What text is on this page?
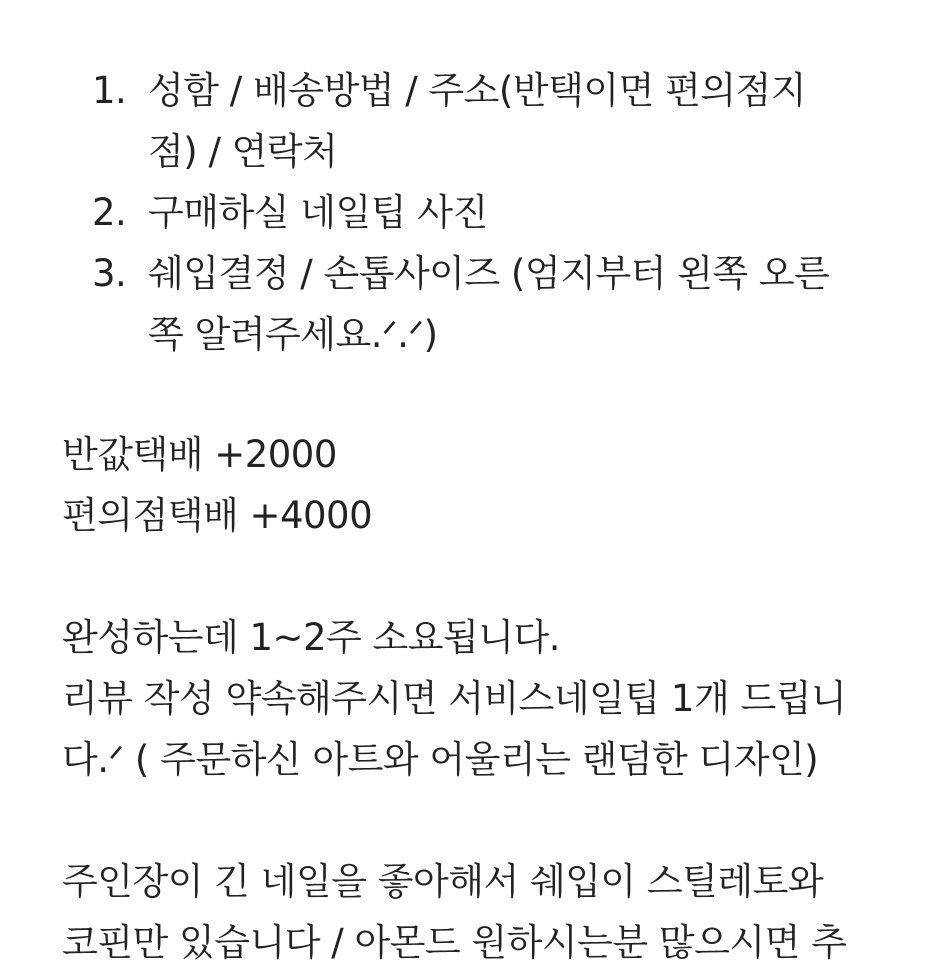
1. 성함 / 배송방법 / 주소(반택이면 편의점지
점) / 연락처
2. 구매하실 네일팁 사진
3. 쉐입결정 / 손톱사이즈 (엄지부터 왼쪽 오른
쪽 알려주세요.ᐟ.ᐟ)
반값택배 +2000
편의점택배 +4000
완성하는데 1~2주 소요됩니다.
리뷰 작성 약속해주시면 서비스네일팁 1개 드립니
다.ᐟ ( 주문하신 아트와 어울리는 랜덤한 디자인)
주인장이 긴 네일을 좋아해서 쉐입이 스틸레토와
코핀만 있습니다 / 아몬드 원하시는분 많으시면 추
